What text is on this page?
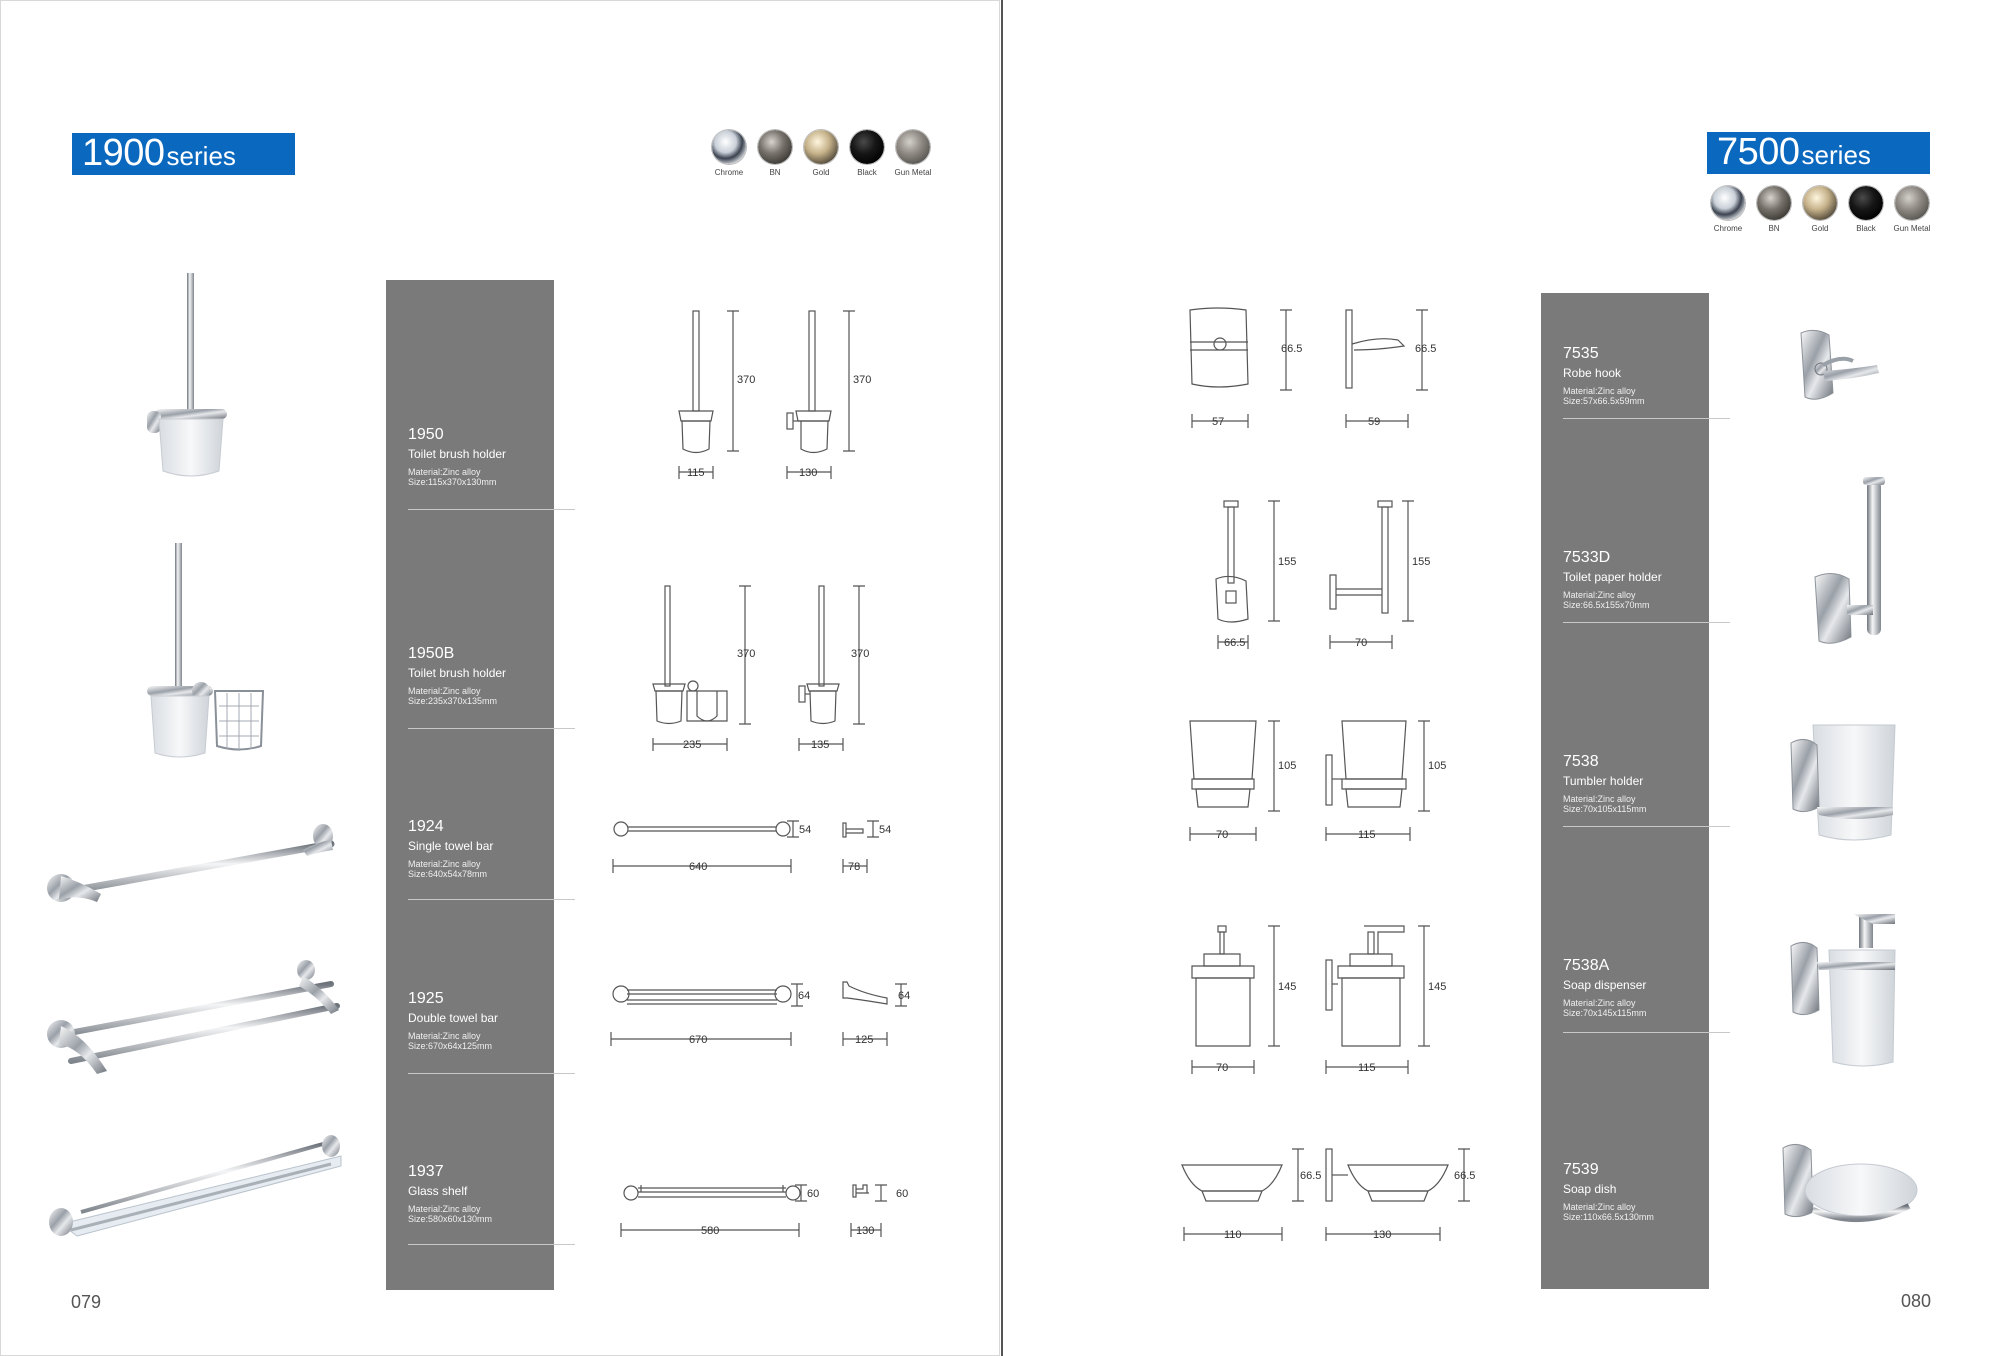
1900 series
Chrome	BN	Gold	Black Gun Metal
1950
Toilet brush holder
Material:Zinc alloy
Size:115x370x130mm
1950B
Toilet brush holder
Material:Zinc alloy
Size:235x370x135mm
1924
Single towel bar
Material:Zinc alloy
Size:640x54x78mm
1925
Double towel bar
Material:Zinc alloy
Size:670x64x125mm
1937
Glass shelf
Material:Zinc alloy
Size:580x60x130mm
370	370
115	130
370	370
235	135
54	54
640	78
64	64
670	125
60	60
580	130
079
7500 series
Chrome	BN	Gold	Black Gun Metal
7535
Robe hook
Material:Zinc alloy
Size:57x66.5x59mm
7533D
Toilet paper holder
Material:Zinc alloy
Size:66.5x155x70mm
7538
Tumbler holder
Material:Zinc alloy
Size:70x105x115mm
7538A
Soap dispenser
Material:Zinc alloy
Size:70x145x115mm
7539
Soap dish
Material:Zinc alloy
Size:110x66.5x130mm
66.5	66.5
57	59
155	155
66.5	70
105	105
70	115
145	145
70	115
66.5	66.5
110	130
080
